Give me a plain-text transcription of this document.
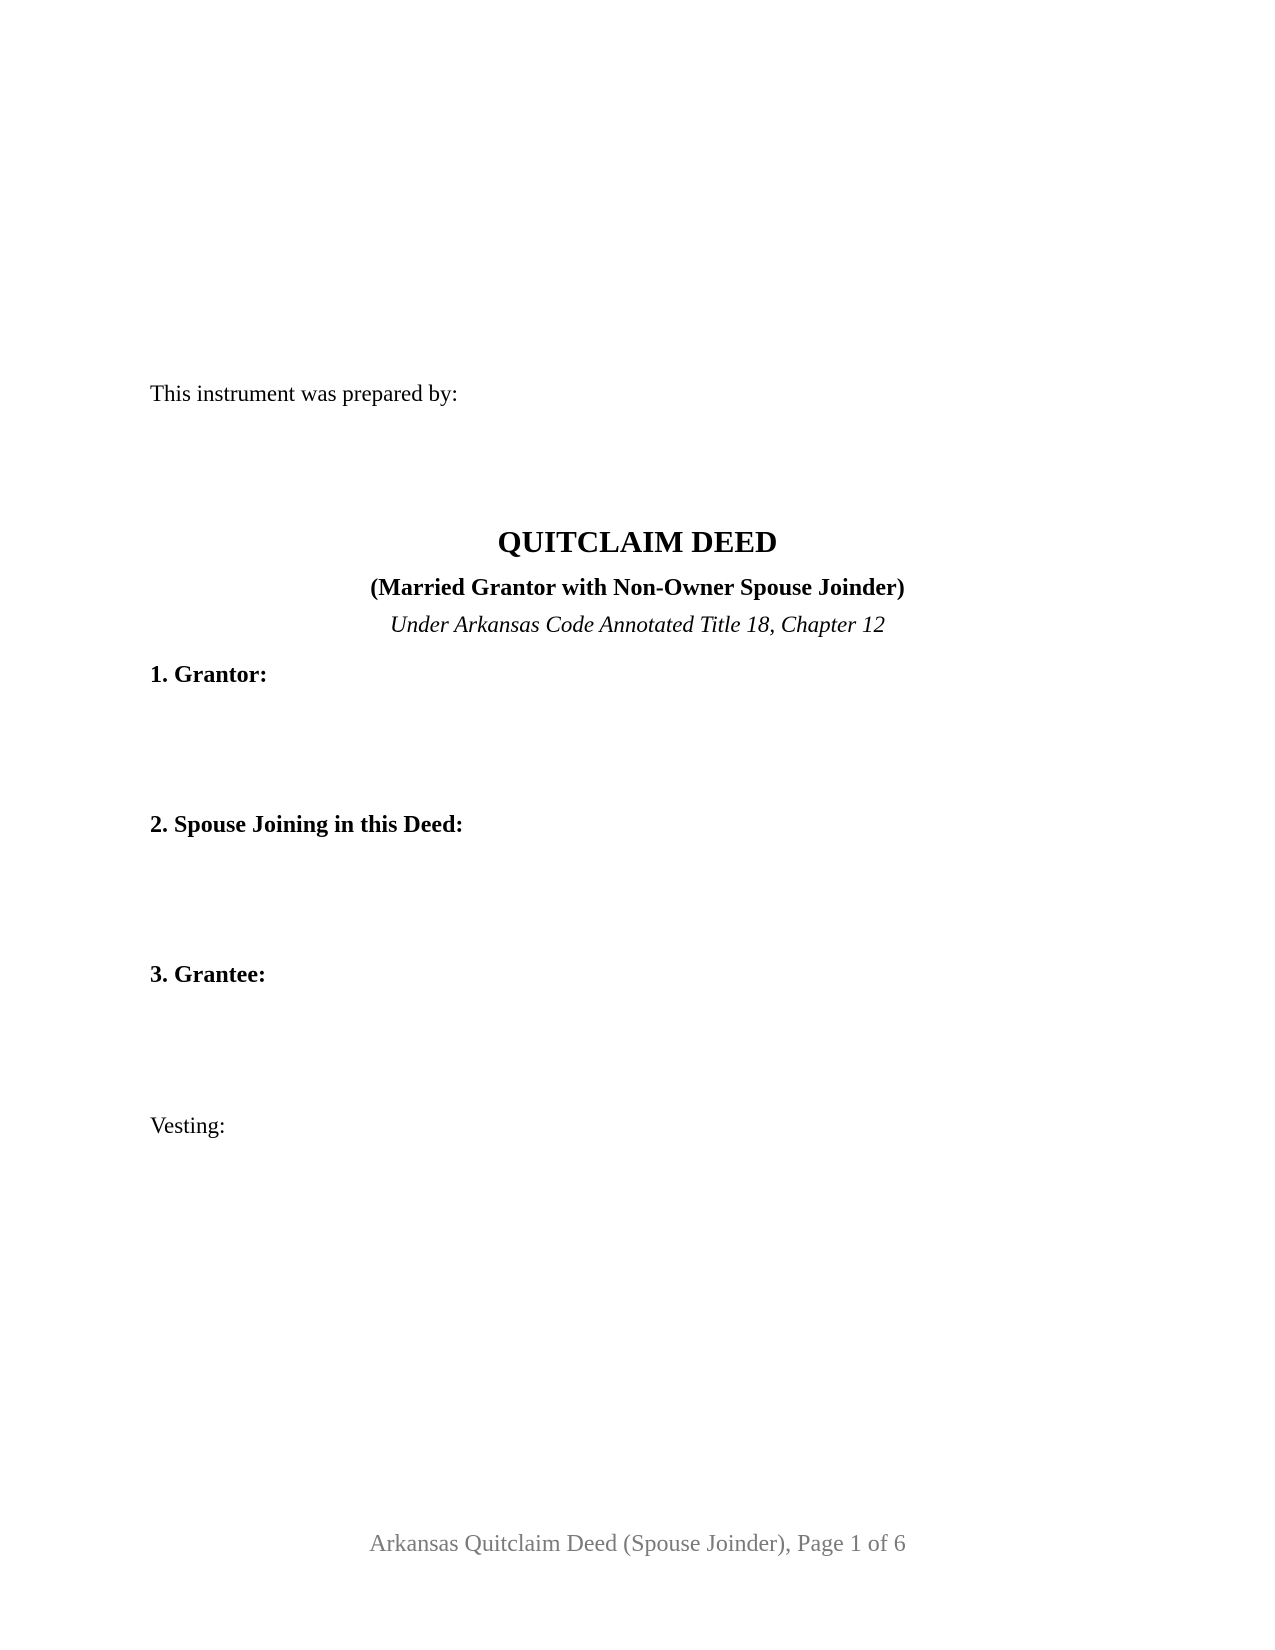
This instrument was prepared by:
QUITCLAIM DEED
(Married Grantor with Non-Owner Spouse Joinder)
Under Arkansas Code Annotated Title 18, Chapter 12
1. Grantor:
2. Spouse Joining in this Deed:
3. Grantee:
Vesting:
Arkansas Quitclaim Deed (Spouse Joinder), Page 1 of 6
